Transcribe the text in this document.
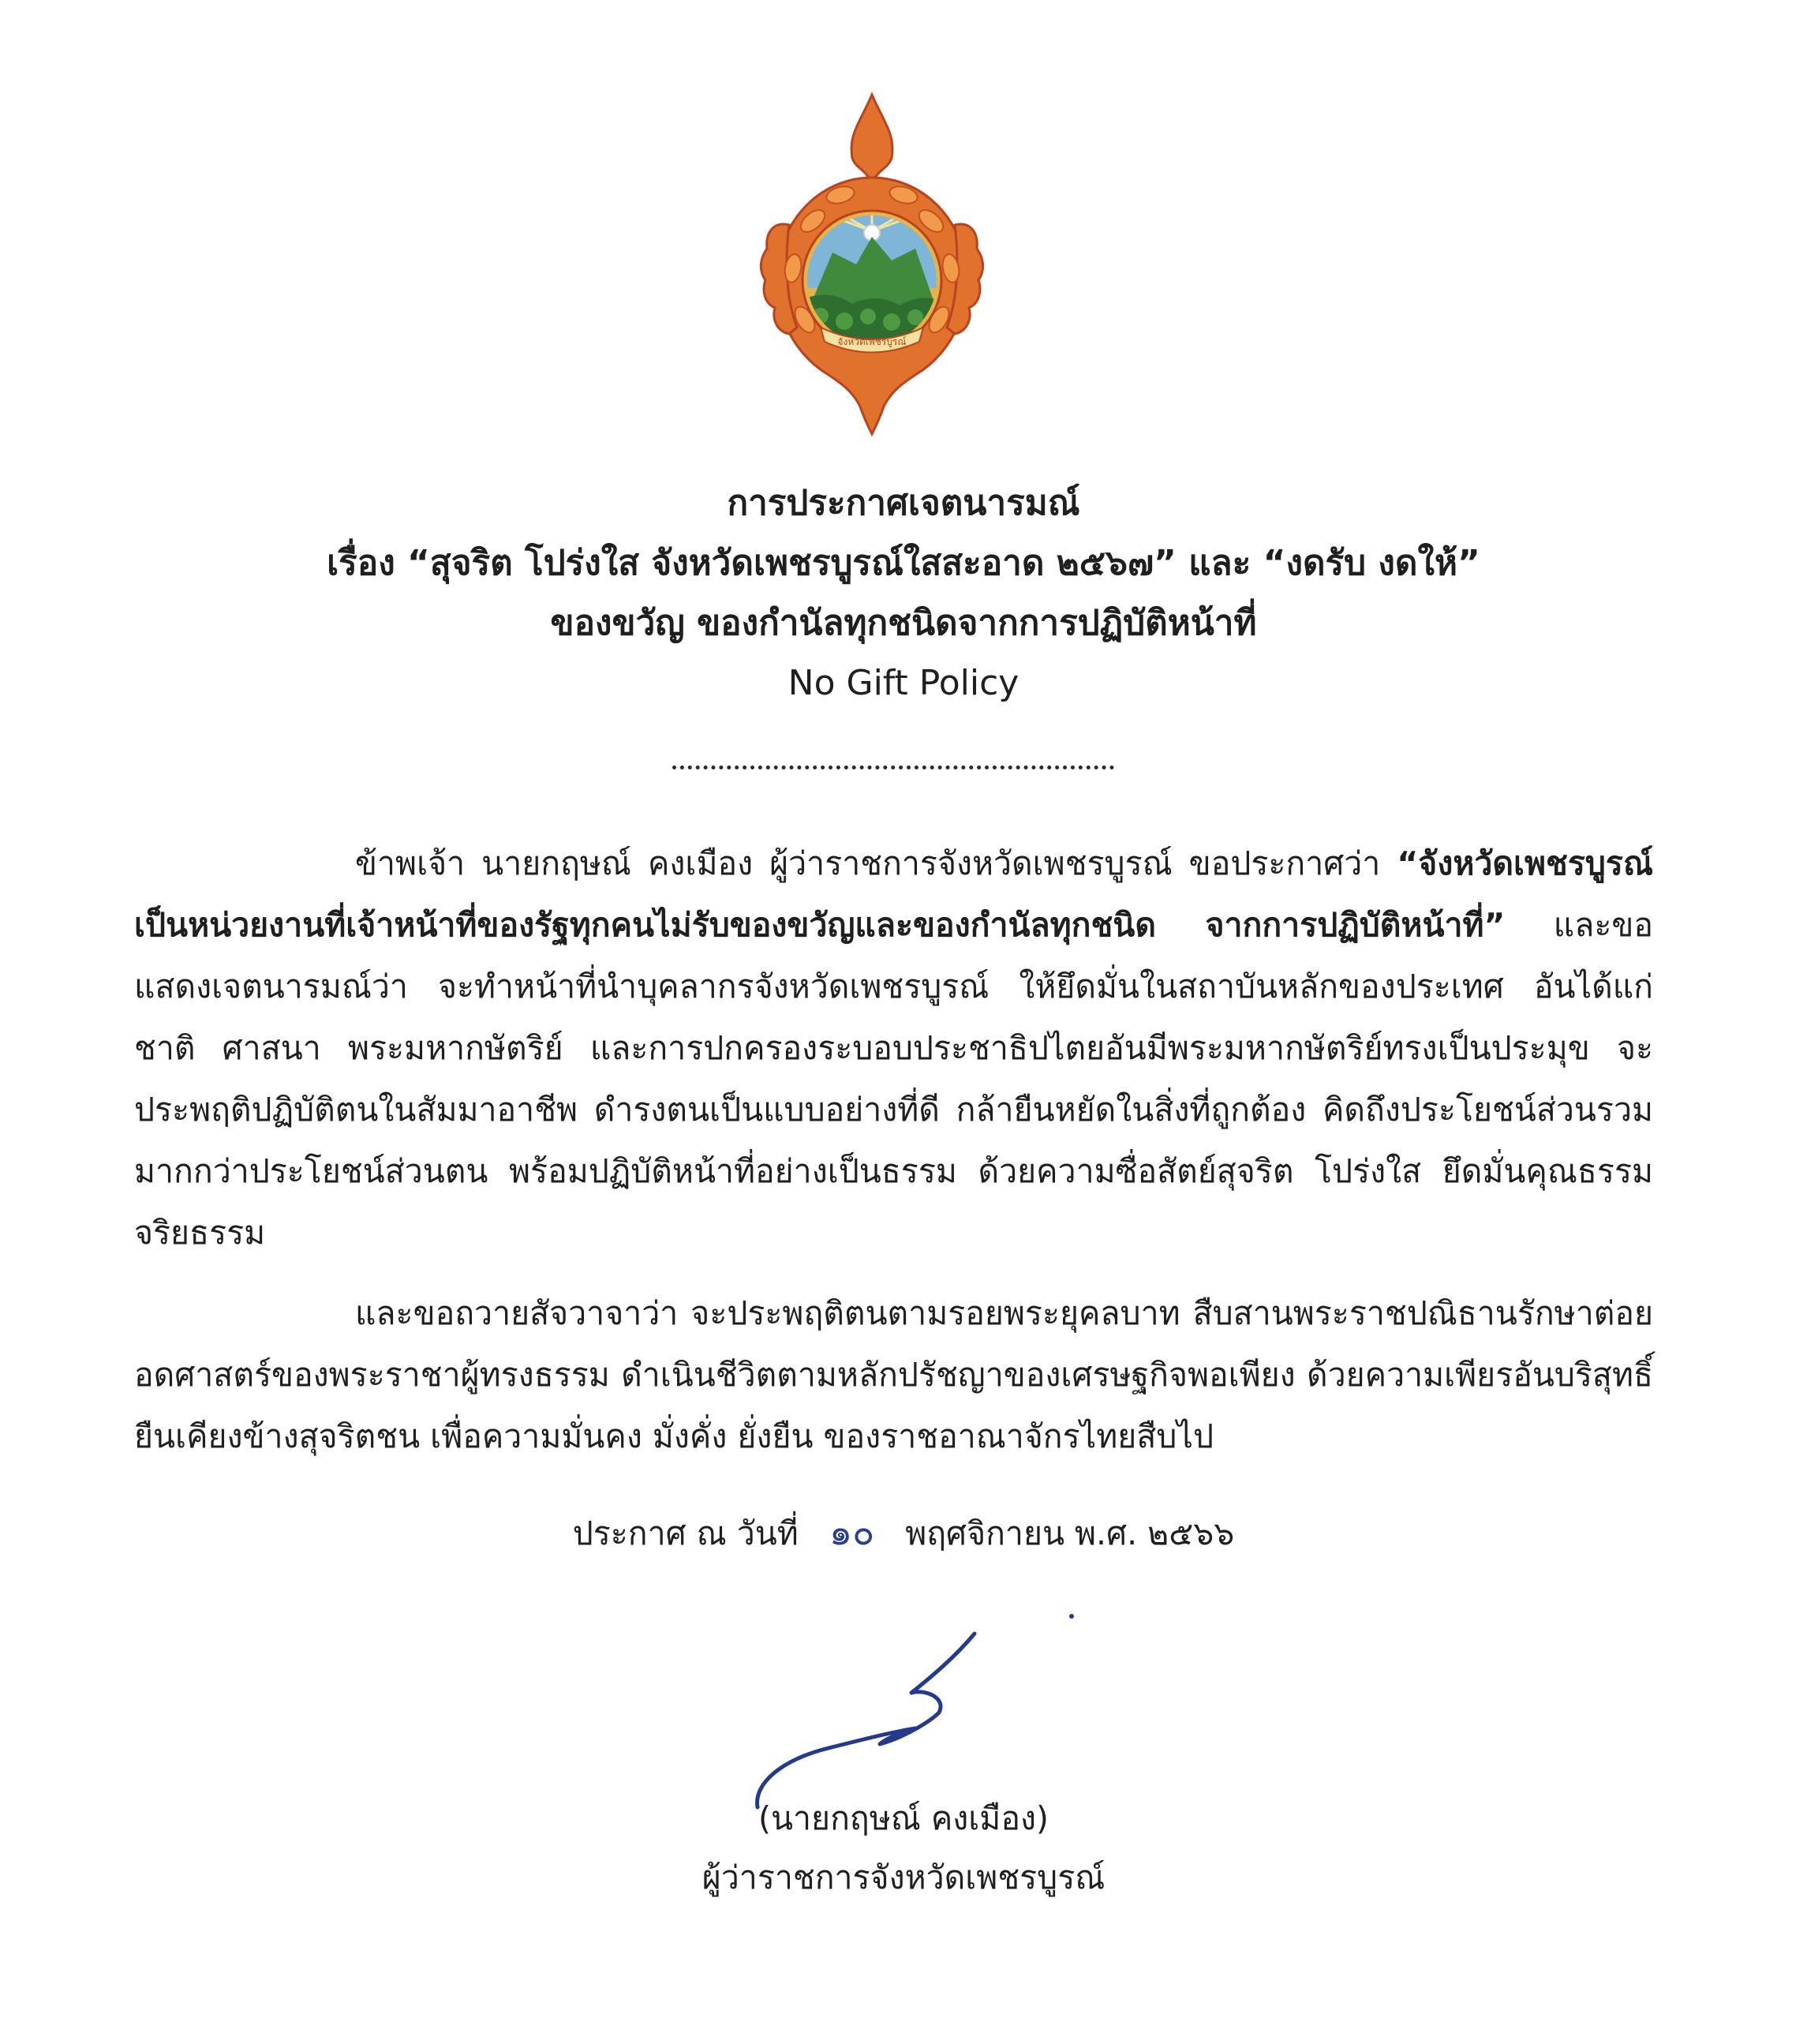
จังหวัดเพชรบูรณ์
การประกาศเจตนารมณ์
เรื่อง “สุจริต โปร่งใส จังหวัดเพชรบูรณ์ใสสะอาด ๒๕๖๗” และ “งดรับ งดให้”
ของขวัญ ของกำนัลทุกชนิดจากการปฏิบัติหน้าที่
No Gift Policy
ข้าพเจ้า นายกฤษณ์ คงเมือง ผู้ว่าราชการจังหวัดเพชรบูรณ์ ขอประกาศว่า “จังหวัดเพชรบูรณ์ เป็นหน่วยงานที่เจ้าหน้าที่ของรัฐทุกคนไม่รับของขวัญและของกำนัลทุกชนิด จากการปฏิบัติหน้าที่” และขอแสดงเจตนารมณ์ว่า จะทำหน้าที่นำบุคลากรจังหวัดเพชรบูรณ์ ให้ยึดมั่นในสถาบันหลักของประเทศ อันได้แก่ ชาติ ศาสนา พระมหากษัตริย์ และการปกครองระบอบประชาธิปไตยอันมีพระมหากษัตริย์ทรงเป็นประมุข จะประพฤติปฏิบัติตนในสัมมาอาชีพ ดำรงตนเป็นแบบอย่างที่ดี กล้ายืนหยัดในสิ่งที่ถูกต้อง คิดถึงประโยชน์ส่วนรวมมากกว่าประโยชน์ส่วนตน พร้อมปฏิบัติหน้าที่อย่างเป็นธรรม ด้วยความซื่อสัตย์สุจริต โปร่งใส ยึดมั่นคุณธรรม จริยธรรม
และขอถวายสัจวาจาว่า จะประพฤติตนตามรอยพระยุคลบาท สืบสานพระราชปณิธานรักษาต่อยอดศาสตร์ของพระราชาผู้ทรงธรรม ดำเนินชีวิตตามหลักปรัชญาของเศรษฐกิจพอเพียง ด้วยความเพียรอันบริสุทธิ์ ยืนเคียงข้างสุจริตชน เพื่อความมั่นคง มั่งคั่ง ยั่งยืน ของราชอาณาจักรไทยสืบไป
ประกาศ ณ วันที่ ๑๐ พฤศจิกายน พ.ศ. ๒๕๖๖
(นายกฤษณ์ คงเมือง)
ผู้ว่าราชการจังหวัดเพชรบูรณ์
